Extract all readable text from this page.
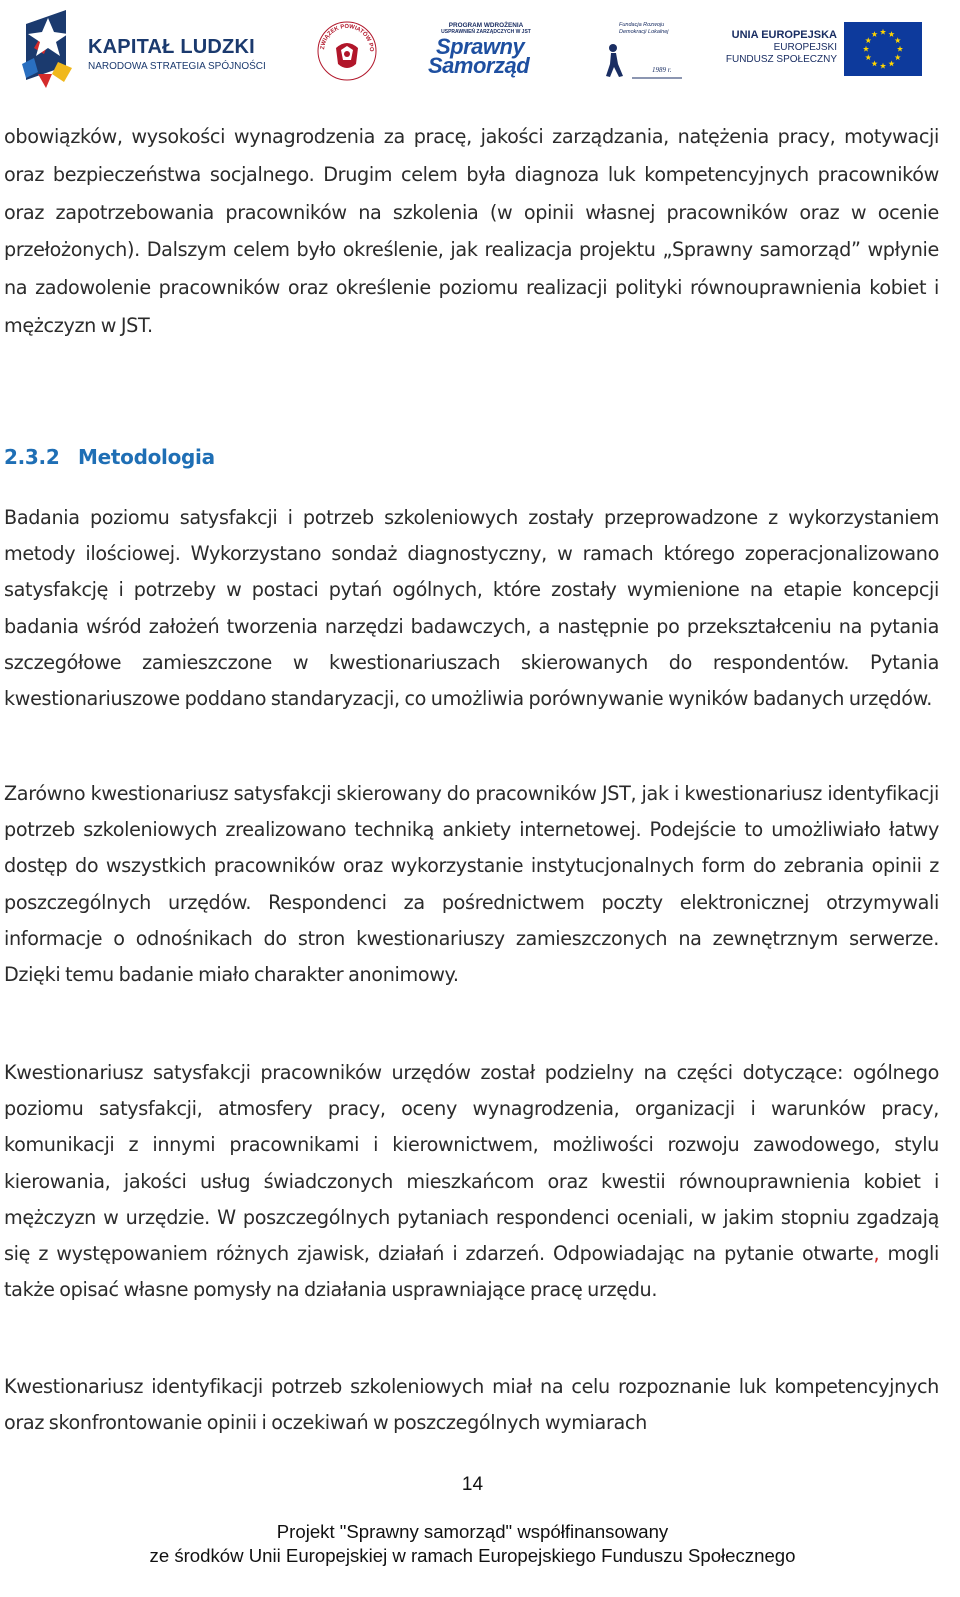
KAPITAŁ LUDZKI
NARODOWA STRATEGIA SPÓJNOŚCI
ZWIĄZEK POWIATÓW PO
PROGRAM WDROŻENIA
USPRAWNIEŃ ZARZĄDCZYCH W JST
Sprawny
Samorząd
Fundacja Rozwoju Demokracji Lokalnej
1989 r.
UNIA EUROPEJSKA
EUROPEJSKI
FUNDUSZ SPOŁECZNY

obowiązków, wysokości wynagrodzenia za pracę, jakości zarządzania, natężenia pracy, motywacji oraz bezpieczeństwa socjalnego. Drugim celem była diagnoza luk kompetencyjnych pracowników oraz zapotrzebowania pracowników na szkolenia (w opinii własnej pracowników oraz w ocenie przełożonych). Dalszym celem było określenie, jak realizacja projektu „Sprawny samorząd” wpłynie na zadowolenie pracowników oraz określenie poziomu realizacji polityki równouprawnienia kobiet i mężczyzn w JST.

2.3.2 Metodologia

Badania poziomu satysfakcji i potrzeb szkoleniowych zostały przeprowadzone z wykorzystaniem metody ilościowej. Wykorzystano sondaż diagnostyczny, w ramach którego zoperacjonalizowano satysfakcję i potrzeby w postaci pytań ogólnych, które zostały wymienione na etapie koncepcji badania wśród założeń tworzenia narzędzi badawczych, a następnie po przekształceniu na pytania szczegółowe zamieszczone w kwestionariuszach skierowanych do respondentów. Pytania kwestionariuszowe poddano standaryzacji, co umożliwia porównywanie wyników badanych urzędów.

Zarówno kwestionariusz satysfakcji skierowany do pracowników JST, jak i kwestionariusz identyfikacji potrzeb szkoleniowych zrealizowano techniką ankiety internetowej. Podejście to umożliwiało łatwy dostęp do wszystkich pracowników oraz wykorzystanie instytucjonalnych form do zebrania opinii z poszczególnych urzędów. Respondenci za pośrednictwem poczty elektronicznej otrzymywali informacje o odnośnikach do stron kwestionariuszy zamieszczonych na zewnętrznym serwerze. Dzięki temu badanie miało charakter anonimowy.

Kwestionariusz satysfakcji pracowników urzędów został podzielny na części dotyczące: ogólnego poziomu satysfakcji, atmosfery pracy, oceny wynagrodzenia, organizacji i warunków pracy, komunikacji z innymi pracownikami i kierownictwem, możliwości rozwoju zawodowego, stylu kierowania, jakości usług świadczonych mieszkańcom oraz kwestii równouprawnienia kobiet i mężczyzn w urzędzie. W poszczególnych pytaniach respondenci oceniali, w jakim stopniu zgadzają się z występowaniem różnych zjawisk, działań i zdarzeń. Odpowiadając na pytanie otwarte, mogli także opisać własne pomysły na działania usprawniające pracę urzędu.

Kwestionariusz identyfikacji potrzeb szkoleniowych miał na celu rozpoznanie luk kompetencyjnych oraz skonfrontowanie opinii i oczekiwań w poszczególnych wymiarach

14
Projekt "Sprawny samorząd" współfinansowany
ze środków Unii Europejskiej w ramach Europejskiego Funduszu Społecznego
